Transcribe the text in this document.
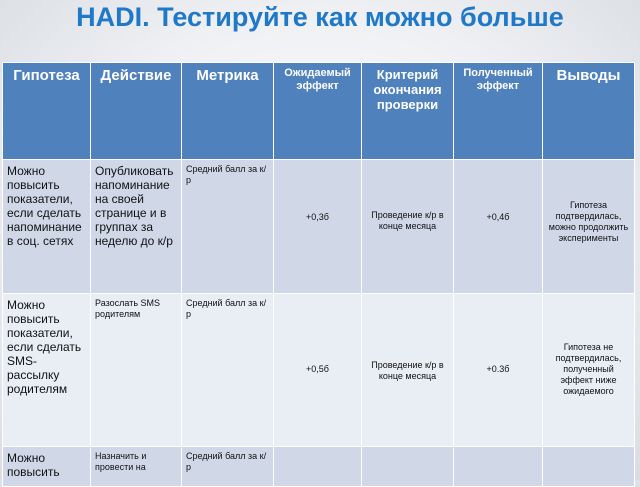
HADI. Тестируйте как можно больше
Гипотеза	Действие	Метрика	Ожидаемый эффект	Критерий окончания проверки	Полученный эффект	Выводы
Можно повысить показатели, если сделать напоминание в соц. сетях	Опубликовать напоминание на своей странице и в группах за неделю до к/р	Средний балл за к/р	+0,3б	Проведение к/р в конце месяца	+0,4б	Гипотеза подтвердилась, можно продолжить эксперименты
Можно повысить показатели, если сделать SMS-рассылку родителям	Разослать SMS родителям	Средний балл за к/р	+0,5б	Проведение к/р в конце месяца	+0.3б	Гипотеза не подтвердилась, полученный эффект ниже ожидаемого
Можно повысить	Назначить и провести на	Средний балл за к/р				
